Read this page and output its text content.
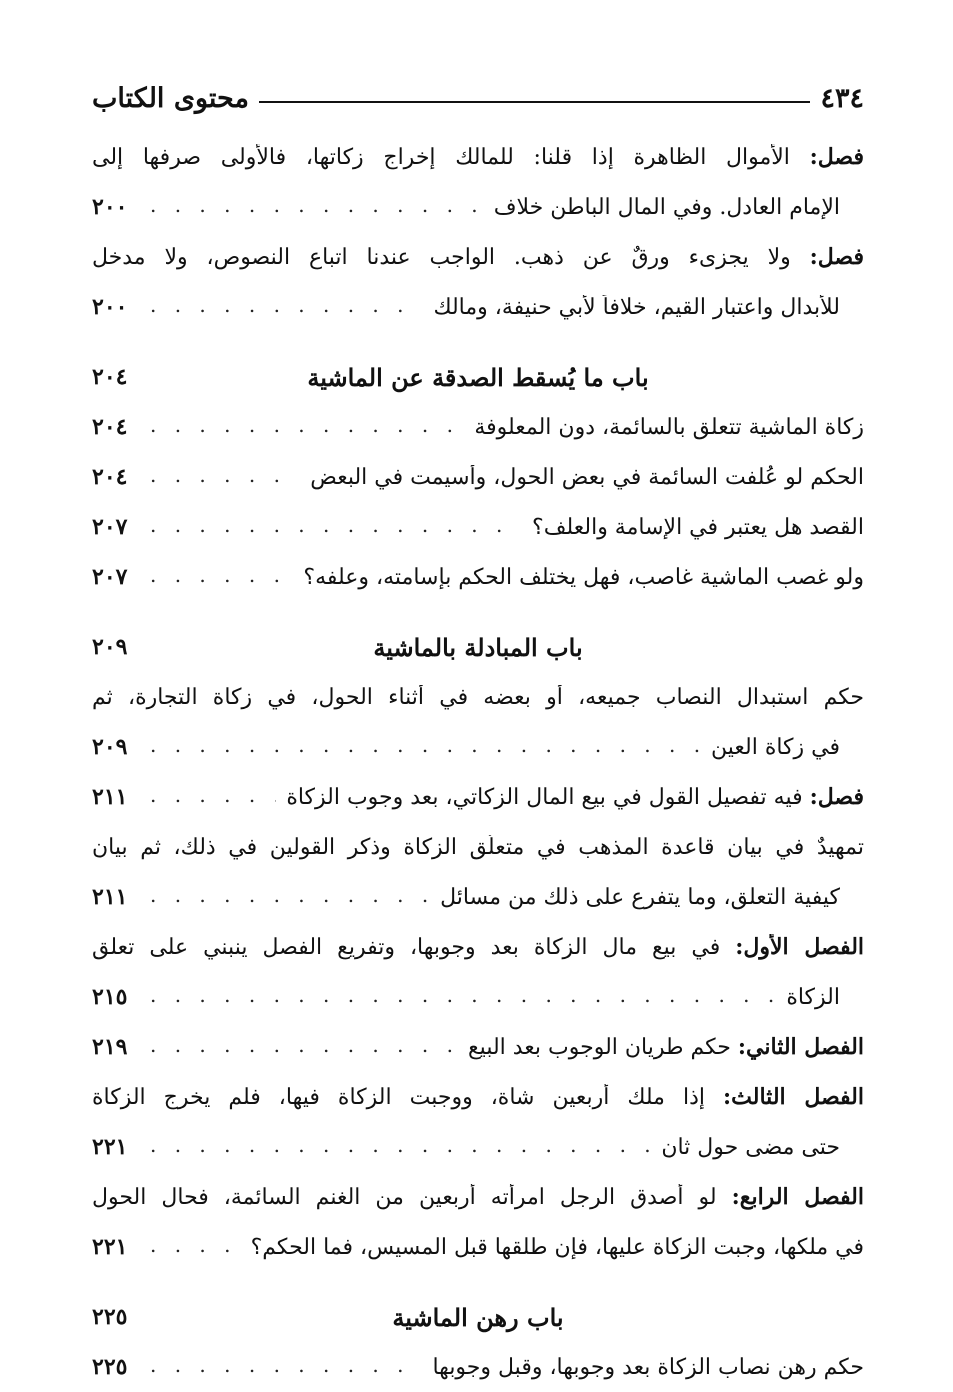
٤٣٤
محتوى الكتاب
فصل: الأموال الظاهرة إذا قلنا: للمالك إخراج زكاتها، فالأولى صرفها إلى
الإمام العادل. وفي المال الباطن خلاف
. . .
٢٠٠
فصل: ولا يجزىء ورقٌ عن ذهب. الواجب عندنا اتباع النصوص، ولا مدخل
للأبدال واعتبار القيم، خلافاً لأبي حنيفة، ومالك
. . .
٢٠٠
باب ما يُسقط الصدقة عن الماشية
٢٠٤
زكاة الماشية تتعلق بالسائمة، دون المعلوفة
. . .
٢٠٤
الحكم لو عُلفت السائمة في بعض الحول، وأُسيمت في البعض
. . .
٢٠٤
القصد هل يعتبر في الإسامة والعلف؟
. . .
٢٠٧
ولو غصب الماشية غاصب، فهل يختلف الحكم بإسامته، وعلفه؟
. . .
٢٠٧
باب المبادلة بالماشية
٢٠٩
حكم استبدال النصاب جميعه، أو بعضه في أثناء الحول، في زكاة التجارة، ثم
في زكاة العين
. . .
٢٠٩
فصل: فيه تفصيل القول في بيع المال الزكاتي، بعد وجوب الزكاة
. . .
٢١١
تمهيدٌ في بيان قاعدة المذهب في متعلّق الزكاة وذكر القولين في ذلك، ثم بيان
كيفية التعلق، وما يتفرع على ذلك من مسائل
. . .
٢١١
الفصل الأول: في بيع مال الزكاة بعد وجوبها، وتفريع الفصل ينبني على تعلق
الزكاة
. . .
٢١٥
الفصل الثاني: حكم طريان الوجوب بعد البيع
. . .
٢١٩
الفصل الثالث: إذا ملك أربعين شاة، ووجبت الزكاة فيها، فلم يخرج الزكاة
حتى مضى حول ثان
. . .
٢٢١
الفصل الرابع: لو أصدق الرجل امرأته أربعين من الغنم السائمة، فحال الحول
في ملكها، وجبت الزكاة عليها، فإن طلقها قبل المسيس، فما الحكم؟
. . .
٢٢١
باب رهن الماشية
٢٢٥
حكم رهن نصاب الزكاة بعد وجوبها، وقبل وجوبها
. . .
٢٢٥
